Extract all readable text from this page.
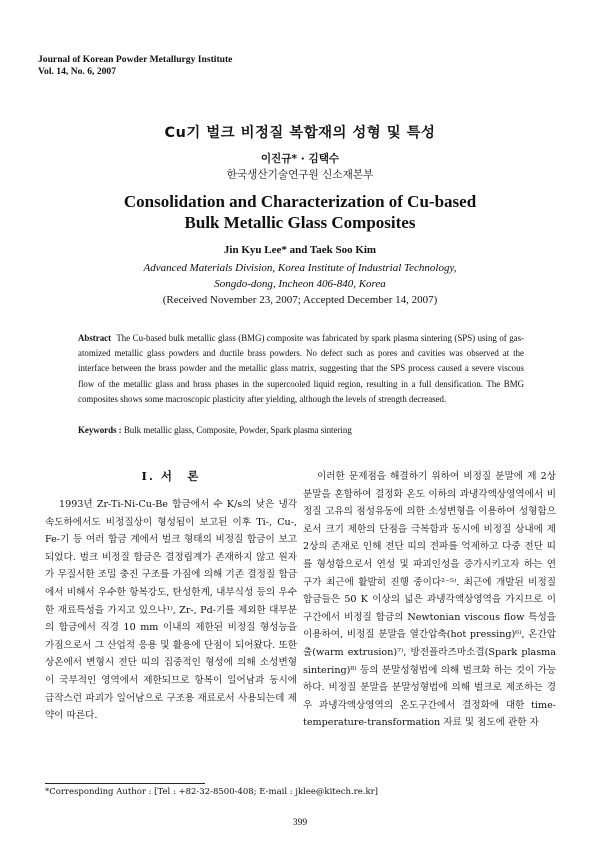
Journal of Korean Powder Metallurgy Institute
Vol. 14, No. 6, 2007
Cu기 벌크 비정질 복합재의 성형 및 특성
이진규* · 김택수
한국생산기술연구원 신소재본부
Consolidation and Characterization of Cu-based
Bulk Metallic Glass Composites
Jin Kyu Lee* and Taek Soo Kim
Advanced Materials Division, Korea Institute of Industrial Technology,
Songdo-dong, Incheon 406-840, Korea
(Received November 23, 2007; Accepted December 14, 2007)
Abstract The Cu-based bulk metallic glass (BMG) composite was fabricated by spark plasma sintering (SPS) using of gas-atomized metallic glass powders and ductile brass powders. No defect such as pores and cavities was observed at the interface between the brass powder and the metallic glass matrix, suggesting that the SPS process caused a severe viscous flow of the metallic glass and brass phases in the supercooled liquid region, resulting in a full densification. The BMG composites shows some macroscopic plasticity after yielding, although the levels of strength decreased.
Keywords : Bulk metallic glass, Composite, Powder, Spark plasma sintering
I. 서　론

1993년 Zr-Ti-Ni-Cu-Be 합금에서 수 K/s의 낮은 냉각속도하에서도 비정질상이 형성됨이 보고된 이후 Ti-, Cu-, Fe-기 등 여러 합금 계에서 벌크 형태의 비정질 합금이 보고되었다. 벌크 비정질 합금은 결정립계가 존재하지 않고 원자가 무질서한 조밀 충진 구조를 가짐에 의해 기존 결정질 합금에서 비해서 우수한 항복강도, 탄성한계, 내부식성 등의 우수한 재료특성을 가지고 있으나¹⁾, Zr-, Pd-기를 제외한 대부분의 합금에서 직경 10 mm 이내의 제한된 비정질 형성능을 가짐으로서 그 산업적 응용 및 활용에 단점이 되어왔다. 또한 상온에서 변형시 전단 띠의 집중적인 형성에 의해 소성변형이 국부적인 영역에서 제한되므로 항복이 일어남과 동시에 급작스런 파괴가 일어남으로 구조용 재료로서 사용되는데 제약이 따른다.

이러한 문제점을 해결하기 위하여 비정질 분말에 제 2상 분말을 혼합하여 결정화 온도 이하의 과냉각액상영역에서 비정질 고유의 점성유동에 의한 소성변형을 이용하여 성형함으로서 크기 제한의 단점을 극복함과 동시에 비정질 상내에 제 2상의 존재로 인해 전단 띠의 전파를 억제하고 다중 전단 띠를 형성함으로서 연성 및 파괴인성을 증가시키고자 하는 연구가 최근에 활발히 진행 중이다²⁻⁵⁾. 최근에 개발된 비정질 합금들은 50 K 이상의 넓은 과냉각액상영역을 가지므로 이 구간에서 비정질 합금의 Newtonian viscous flow 특성을 이용하여, 비정질 분말을 열간압축(hot pressing)⁶⁾, 온간압출(warm extrusion)⁷⁾, 방전플라즈마소결(Spark plasma sintering)⁸⁾ 등의 분말성형법에 의해 벌크화 하는 것이 가능하다. 비정질 분말을 분말성형법에 의해 벌크로 제조하는 경우 과냉각액상영역의 온도구간에서 결정화에 대한 time-temperature-transformation 자료 및 점도에 관한 자

*Corresponding Author : [Tel : +82-32-8500-408; E-mail : jklee@kitech.re.kr]
399
